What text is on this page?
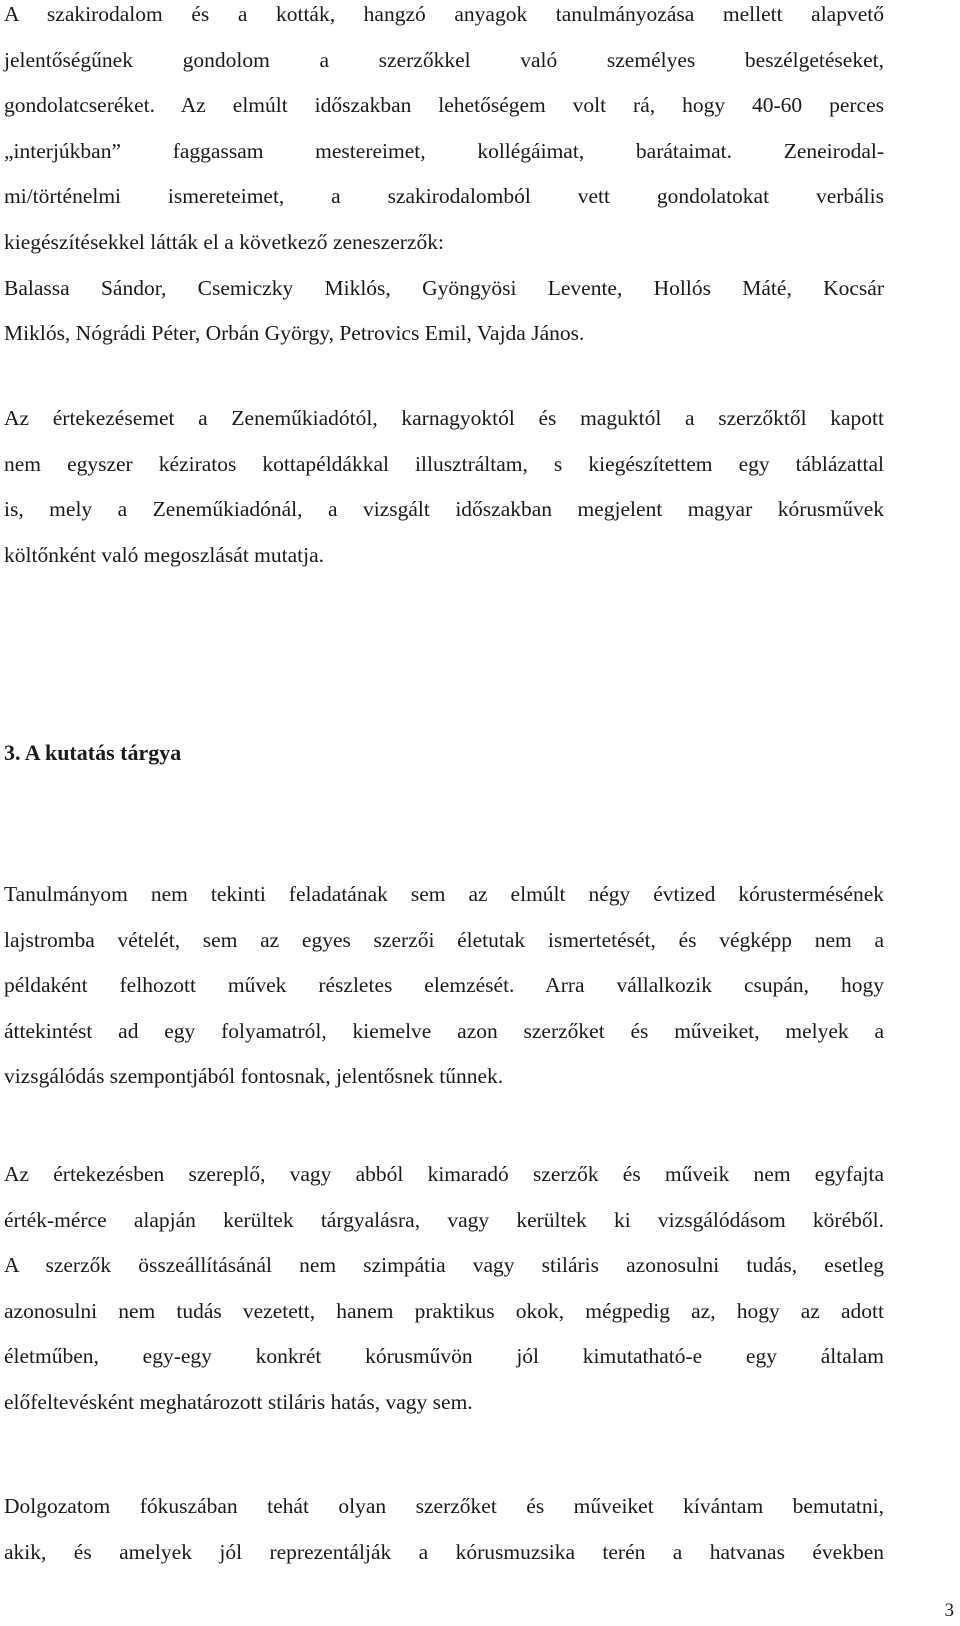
A szakirodalom és a kották, hangzó anyagok tanulmányozása mellett alapvető
jelentőségűnek gondolom a szerzőkkel való személyes beszélgetéseket,
gondolatcseréket. Az elmúlt időszakban lehetőségem volt rá, hogy 40-60 perces
„interjúkban” faggassam mestereimet, kollégáimat, barátaimat. Zeneirodal-
mi/történelmi ismereteimet, a szakirodalomból vett gondolatokat verbális
kiegészítésekkel látták el a következő zeneszerzők:
Balassa Sándor, Csemiczky Miklós, Gyöngyösi Levente, Hollós Máté, Kocsár
Miklós, Nógrádi Péter, Orbán György, Petrovics Emil, Vajda János.
Az értekezésemet a Zeneműkiadótól, karnagyoktól és maguktól a szerzőktől kapott
nem egyszer kéziratos kottapéldákkal illusztráltam, s kiegészítettem egy táblázattal
is, mely a Zeneműkiadónál, a vizsgált időszakban megjelent magyar kórusművek
költőnként való megoszlását mutatja.
3. A kutatás tárgya
Tanulmányom nem tekinti feladatának sem az elmúlt négy évtized kórustermésének
lajstromba vételét, sem az egyes szerzői életutak ismertetését, és végképp nem a
példaként felhozott művek részletes elemzését. Arra vállalkozik csupán, hogy
áttekintést ad egy folyamatról, kiemelve azon szerzőket és műveiket, melyek a
vizsgálódás szempontjából fontosnak, jelentősnek tűnnek.
Az értekezésben szereplő, vagy abból kimaradó szerzők és műveik nem egyfajta
érték-mérce alapján kerültek tárgyalásra, vagy kerültek ki vizsgálódásom köréből.
A szerzők összeállításánál nem szimpátia vagy stiláris azonosulni tudás, esetleg
azonosulni nem tudás vezetett, hanem praktikus okok, mégpedig az, hogy az adott
életműben, egy-egy konkrét kórusművön jól kimutatható-e egy általam
előfeltevésként meghatározott stiláris hatás, vagy sem.
Dolgozatom fókuszában tehát olyan szerzőket és műveiket kívántam bemutatni,
akik, és amelyek jól reprezentálják a kórusmuzsika terén a hatvanas években
3
